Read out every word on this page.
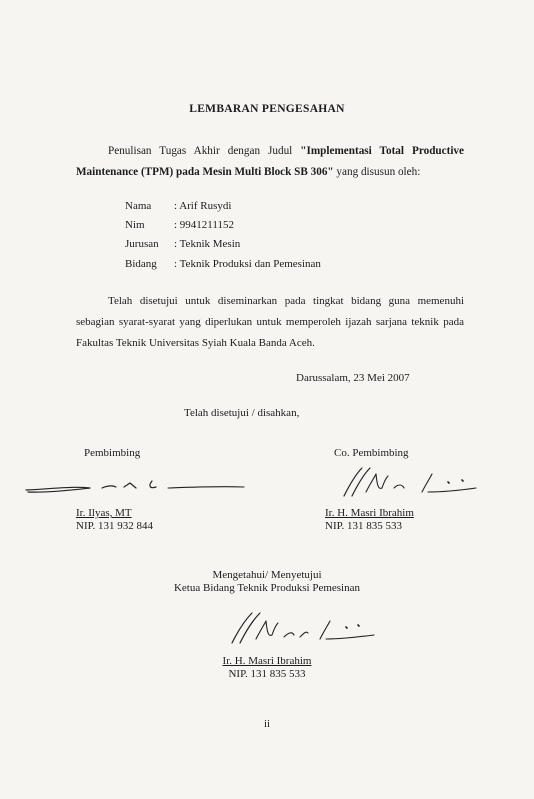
LEMBARAN PENGESAHAN
Penulisan Tugas Akhir dengan Judul "Implementasi Total Productive Maintenance (TPM) pada Mesin Multi Block SB 306" yang disusun oleh:
Nama : Arif Rusydi
Nim	: 9941211152
Jurusan : Teknik Mesin
Bidang : Teknik Produksi dan Pemesinan
Telah disetujui untuk diseminarkan pada tingkat bidang guna memenuhi sebagian syarat-syarat yang diperlukan untuk memperoleh ijazah sarjana teknik pada Fakultas Teknik Universitas Syiah Kuala Banda Aceh.
Darussalam, 23 Mei 2007
Telah disetujui / disahkan,
Pembimbing
Ir. Ilyas, MT
NIP. 131 932 844
Co. Pembimbing
Ir. H. Masri Ibrahim
NIP. 131 835 533
Mengetahui/ Menyetujui
Ketua Bidang Teknik Produksi Pemesinan
Ir. H. Masri Ibrahim
NIP. 131 835 533
ii
